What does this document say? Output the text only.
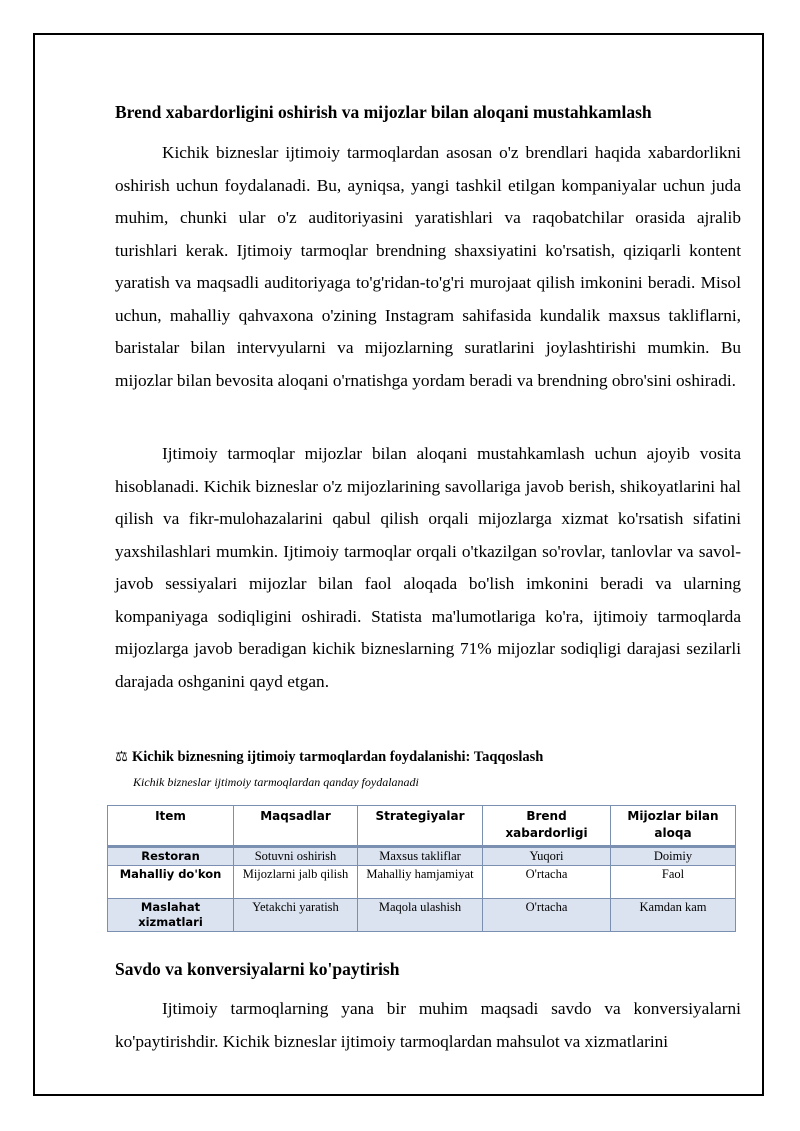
Brend xabardorligini oshirish va mijozlar bilan aloqani mustahkamlash

Kichik bizneslar ijtimoiy tarmoqlardan asosan o'z brendlari haqida xabardorlikni oshirish uchun foydalanadi. Bu, ayniqsa, yangi tashkil etilgan kompaniyalar uchun juda muhim, chunki ular o'z auditoriyasini yaratishlari va raqobatchilar orasida ajralib turishlari kerak. Ijtimoiy tarmoqlar brendning shaxsiyatini ko'rsatish, qiziqarli kontent yaratish va maqsadli auditoriyaga to'g'ridan-to'g'ri murojaat qilish imkonini beradi. Misol uchun, mahalliy qahvaxona o'zining Instagram sahifasida kundalik maxsus takliflarni, baristalar bilan intervyularni va mijozlarning suratlarini joylashtirishi mumkin. Bu mijozlar bilan bevosita aloqani o'rnatishga yordam beradi va brendning obro'sini oshiradi.

Ijtimoiy tarmoqlar mijozlar bilan aloqani mustahkamlash uchun ajoyib vosita hisoblanadi. Kichik bizneslar o'z mijozlarining savollariga javob berish, shikoyatlarini hal qilish va fikr-mulohazalarini qabul qilish orqali mijozlarga xizmat ko'rsatish sifatini yaxshilashlari mumkin. Ijtimoiy tarmoqlar orqali o'tkazilgan so'rovlar, tanlovlar va savol-javob sessiyalari mijozlar bilan faol aloqada bo'lish imkonini beradi va ularning kompaniyaga sodiqligini oshiradi. Statista ma'lumotlariga ko'ra, ijtimoiy tarmoqlarda mijozlarga javob beradigan kichik bizneslarning 71% mijozlar sodiqligi darajasi sezilarli darajada oshganini qayd etgan.

⚖ Kichik biznesning ijtimoiy tarmoqlardan foydalanishi: Taqqoslash
Kichik bizneslar ijtimoiy tarmoqlardan qanday foydalanadi
Item	Maqsadlar	Strategiyalar	Brend xabardorligi	Mijozlar bilan aloqa
Restoran	Sotuvni oshirish	Maxsus takliflar	Yuqori	Doimiy
Mahalliy do'kon	Mijozlarni jalb qilish	Mahalliy hamjamiyat	O'rtacha	Faol
Maslahat xizmatlari	Yetakchi yaratish	Maqola ulashish	O'rtacha	Kamdan kam
Savdo va konversiyalarni ko'paytirish

Ijtimoiy tarmoqlarning yana bir muhim maqsadi savdo va konversiyalarni ko'paytirishdir. Kichik bizneslar ijtimoiy tarmoqlardan mahsulot va xizmatlarini
